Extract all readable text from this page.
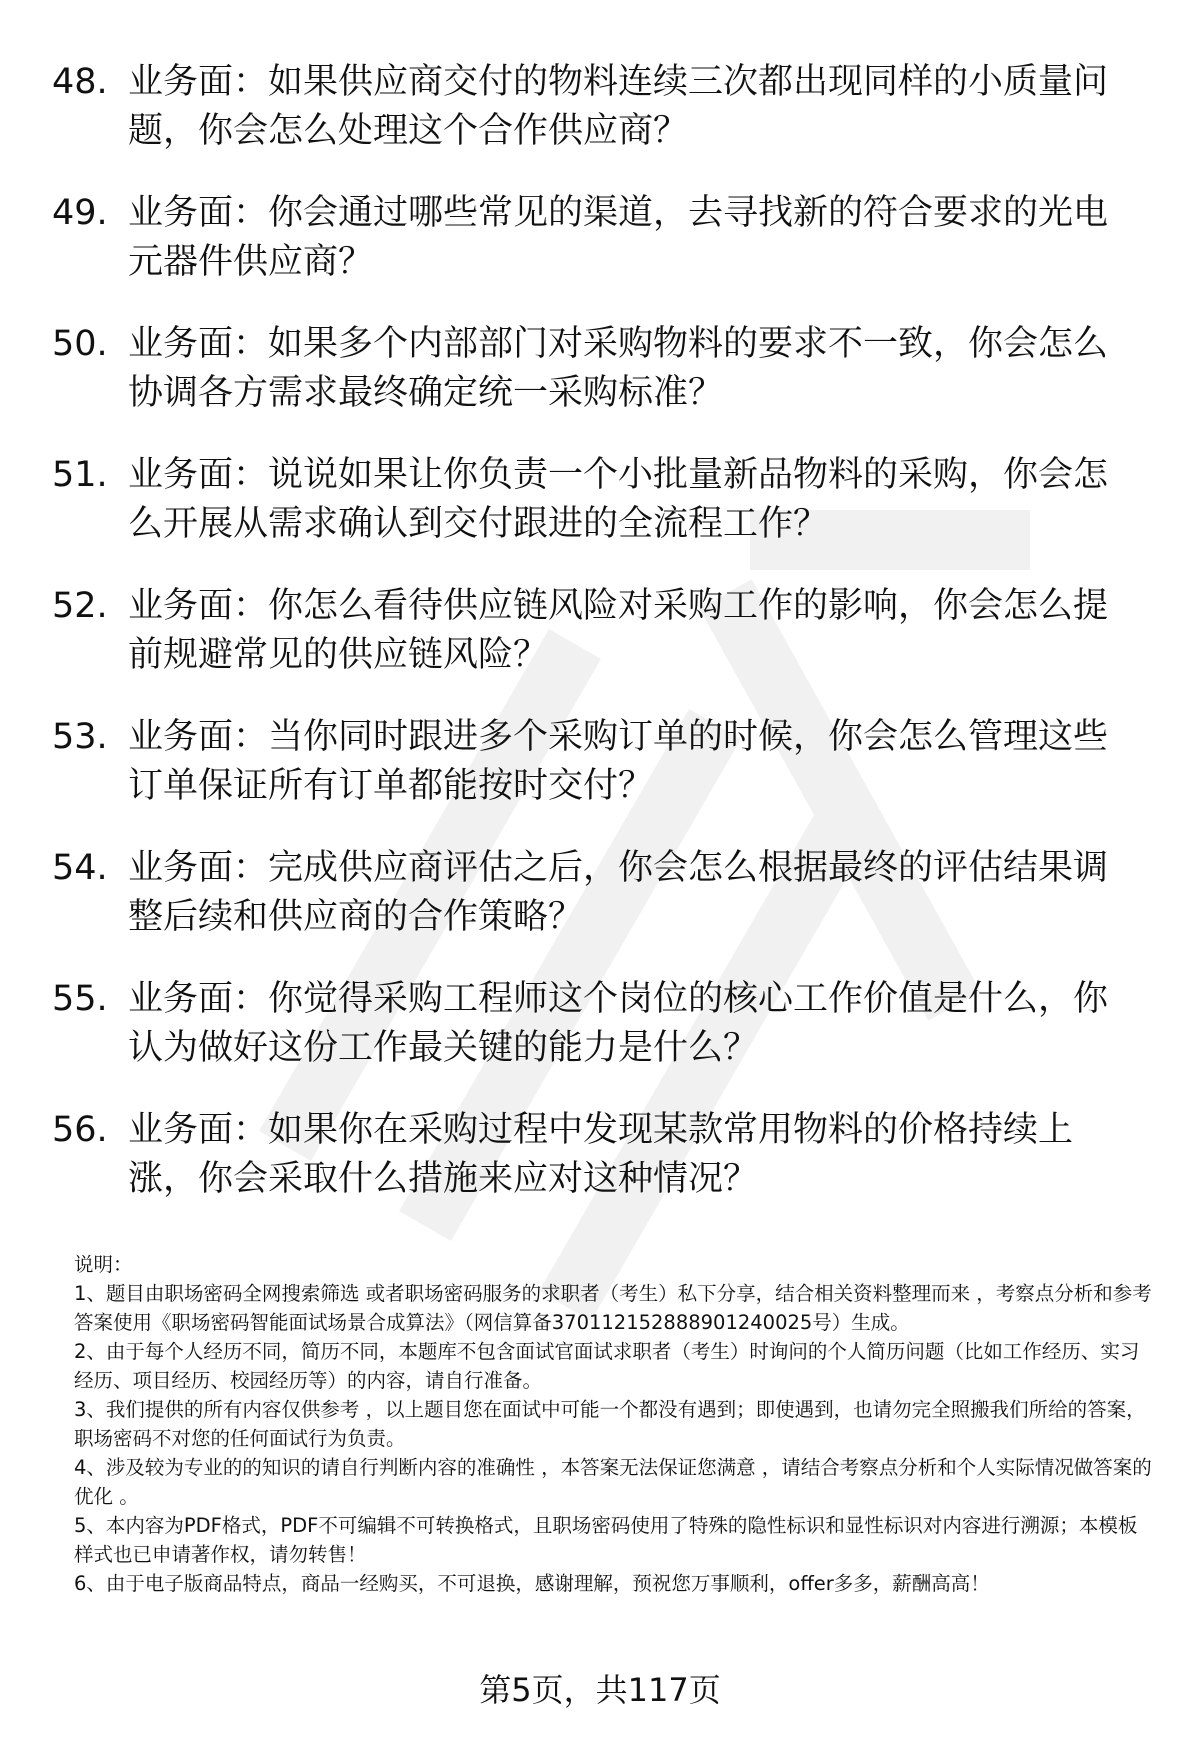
48. 业务面：如果供应商交付的物料连续三次都出现同样的小质量问题，你会怎么处理这个合作供应商？
49. 业务面：你会通过哪些常见的渠道，去寻找新的符合要求的光电元器件供应商？
50. 业务面：如果多个内部部门对采购物料的要求不一致，你会怎么协调各方需求最终确定统一采购标准？
51. 业务面：说说如果让你负责一个小批量新品物料的采购，你会怎么开展从需求确认到交付跟进的全流程工作？
52. 业务面：你怎么看待供应链风险对采购工作的影响，你会怎么提前规避常见的供应链风险？
53. 业务面：当你同时跟进多个采购订单的时候，你会怎么管理这些订单保证所有订单都能按时交付？
54. 业务面：完成供应商评估之后，你会怎么根据最终的评估结果调整后续和供应商的合作策略？
55. 业务面：你觉得采购工程师这个岗位的核心工作价值是什么，你认为做好这份工作最关键的能力是什么？
56. 业务面：如果你在采购过程中发现某款常用物料的价格持续上涨，你会采取什么措施来应对这种情况？

说明：

1、题目由职场密码全网搜索筛选 或者职场密码服务的求职者（考生）私下分享，结合相关资料整理而来 ，考察点分析和参考答案使用《职场密码智能面试场景合成算法》（网信算备370112152888901240025号）生成。

2、由于每个人经历不同，简历不同，本题库不包含面试官面试求职者（考生）时询问的个人简历问题（比如工作经历、实习经历、项目经历、校园经历等）的内容，请自行准备。

3、我们提供的所有内容仅供参考 ，以上题目您在面试中可能一个都没有遇到；即使遇到，也请勿完全照搬我们所给的答案，职场密码不对您的任何面试行为负责。

4、涉及较为专业的的知识的请自行判断内容的准确性 ，本答案无法保证您满意 ，请结合考察点分析和个人实际情况做答案的优化 。

5、本内容为PDF格式，PDF不可编辑不可转换格式，且职场密码使用了特殊的隐性标识和显性标识对内容进行溯源；本模板样式也已申请著作权，请勿转售！

6、由于电子版商品特点，商品一经购买，不可退换，感谢理解，预祝您万事顺利，offer多多，薪酬高高！

第5页，共117页
